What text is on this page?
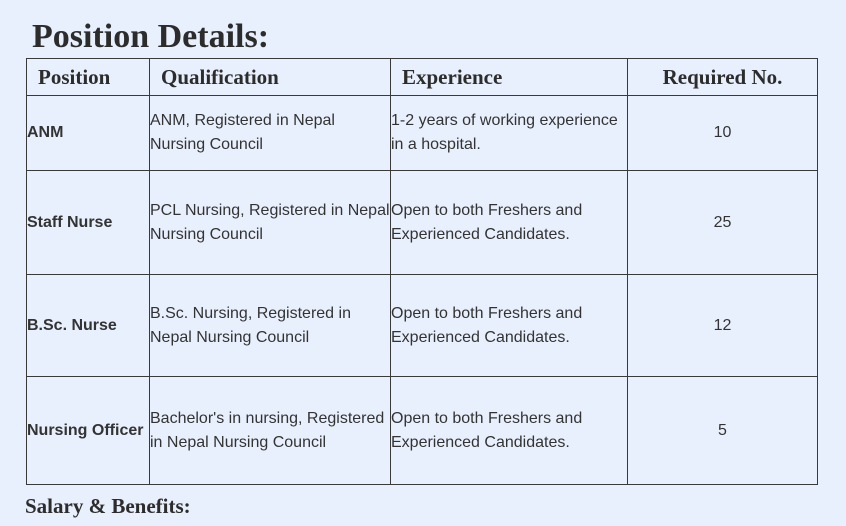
Position Details:
Position	Qualification	Experience	Required No.
ANM	ANM, Registered in Nepal Nursing Council	1-2 years of working experience in a hospital.	10
Staff Nurse	PCL Nursing, Registered in Nepal Nursing Council	Open to both Freshers and Experienced Candidates.	25
B.Sc. Nurse	B.Sc. Nursing, Registered in Nepal Nursing Council	Open to both Freshers and Experienced Candidates.	12
Nursing Officer	Bachelor's in nursing, Registered in Nepal Nursing Council	Open to both Freshers and Experienced Candidates.	5
Salary & Benefits:
